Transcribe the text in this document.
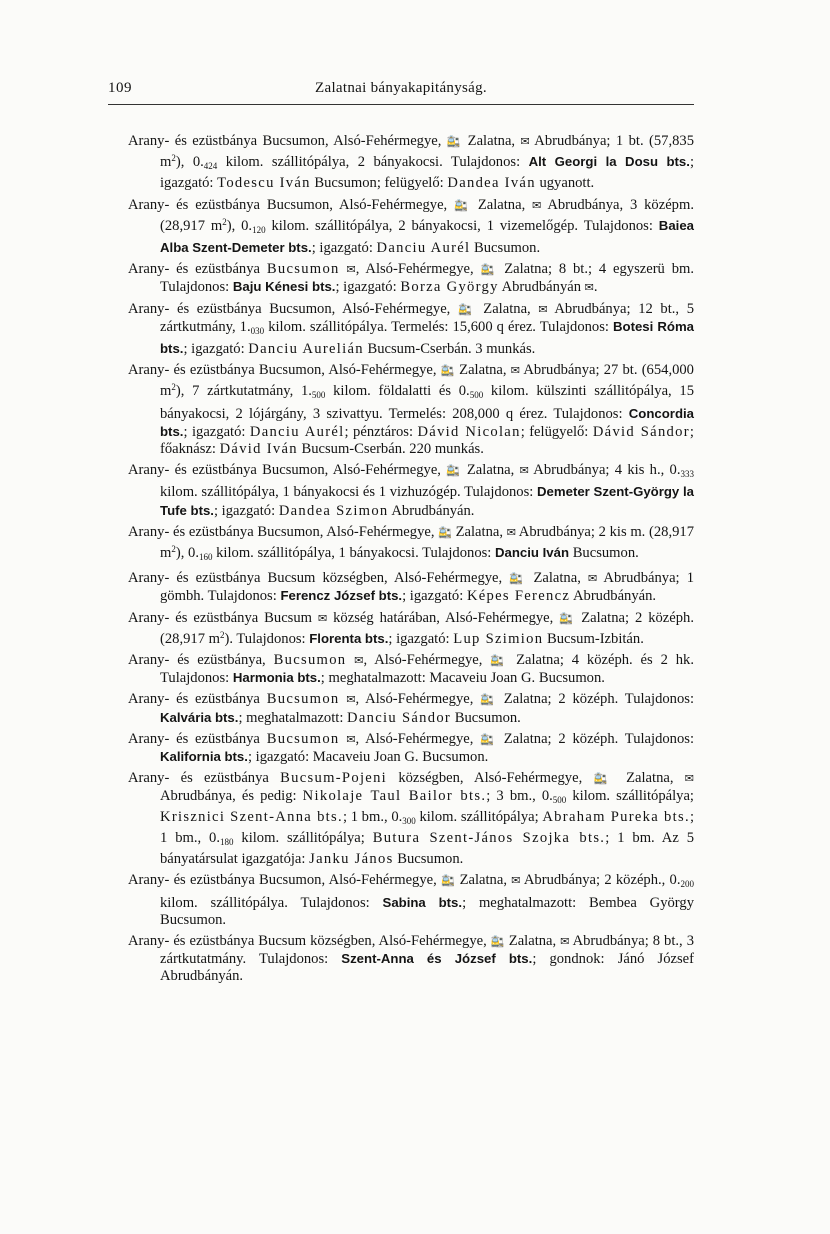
109	Zalatnai bányakapitányság.

Arany- és ezüstbánya Bucsumon, Alsó-Fehérmegye, 🚉 Zalatna, ✉ Abrudbánya; 1 bt. (57,835 $m^2$), $0._{424}$ kilom. szállitópálya, 2 bányakocsi. Tulajdonos: Alt Georgi la Dosu bts.; igazgató: Todescu Iván Bucsumon; felügyelő: Dandea Iván ugyanott.

Arany- és ezüstbánya Bucsumon, Alsó-Fehérmegye, 🚉 Zalatna, ✉ Abrudbánya, 3 középm. (28,917 $m^2$), $0._{120}$ kilom. szállitópálya, 2 bányakocsi, 1 vizemelőgép. Tulajdonos: Baiea Alba Szent-Demeter bts.; igazgató: Danciu Aurél Bucsumon.

Arany- és ezüstbánya Bucsumon ✉, Alsó-Fehérmegye, 🚉 Zalatna; 8 bt.; 4 egyszerü bm. Tulajdonos: Baju Kénesi bts.; igazgató: Borza György Abrudbányán ✉.

Arany- és ezüstbánya Bucsumon, Alsó-Fehérmegye, 🚉 Zalatna, ✉ Abrudbánya; 12 bt., 5 zártkutmány, $1._{030}$ kilom. szállitópálya. Termelés: 15,600 q érez. Tulajdonos: Botesi Róma bts.; igazgató: Danciu Aurelián Bucsum-Cserbán. 3 munkás.

Arany- és ezüstbánya Bucsumon, Alsó-Fehérmegye, 🚉 Zalatna, ✉ Abrudbánya; 27 bt. (654,000 $m^2$), 7 zártkutatmány, $1._{500}$ kilom. földalatti és $0._{500}$ kilom. külszinti szállitópálya, 15 bányakocsi, 2 lójárgány, 3 szivattyu. Termelés: 208,000 q érez. Tulajdonos: Concordia bts.; igazgató: Danciu Aurél; pénztáros: Dávid Nicolan; felügyelő: Dávid Sándor; főaknász: Dávid Iván Bucsum-Cserbán. 220 munkás.

Arany- és ezüstbánya Bucsumon, Alsó-Fehérmegye, 🚉 Zalatna, ✉ Abrudbánya; 4 kis h., $0._{333}$ kilom. szállitópálya, 1 bányakocsi és 1 vizhuzógép. Tulajdonos: Demeter Szent-György la Tufe bts.; igazgató: Dandea Szimon Abrudbányán.

Arany- és ezüstbánya Bucsumon, Alsó-Fehérmegye, 🚉 Zalatna, ✉ Abrudbánya; 2 kis m. (28,917 $m^2$), $0._{160}$ kilom. szállitópálya, 1 bányakocsi. Tulajdonos: Danciu Iván Bucsumon.

Arany- és ezüstbánya Bucsum községben, Alsó-Fehérmegye, 🚉 Zalatna, ✉ Abrudbánya; 1 gömbh. Tulajdonos: Ferencz József bts.; igazgató: Képes Ferencz Abrudbányán.

Arany- és ezüstbánya Bucsum ✉ község határában, Alsó-Fehérmegye, 🚉 Zalatna; 2 középh. (28,917 $m^2$). Tulajdonos: Florenta bts.; igazgató: Lup Szimion Bucsum-Izbitán.

Arany- és ezüstbánya, Bucsumon ✉, Alsó-Fehérmegye, 🚉 Zalatna; 4 középh. és 2 hk. Tulajdonos: Harmonia bts.; meghatalmazott: Macaveiu Joan G. Bucsumon.

Arany- és ezüstbánya Bucsumon ✉, Alsó-Fehérmegye, 🚉 Zalatna; 2 középh. Tulajdonos: Kalvária bts.; meghatalmazott: Danciu Sándor Bucsumon.

Arany- és ezüstbánya Bucsumon ✉, Alsó-Fehérmegye, 🚉 Zalatna; 2 középh. Tulajdonos: Kalifornia bts.; igazgató: Macaveiu Joan G. Bucsumon.

Arany- és ezüstbánya Bucsum-Pojeni községben, Alsó-Fehérmegye, 🚉 Zalatna, ✉ Abrudbánya, és pedig: Nikolaje Taul Bailor bts.; 3 bm., $0._{500}$ kilom. szállitópálya; Krisznici Szent-Anna bts.; 1 bm., $0._{300}$ kilom. szállitópálya; Abraham Pureka bts.; 1 bm., $0._{180}$ kilom. szállitópálya; Butura Szent-János Szojka bts.; 1 bm. Az 5 bányatársulat igazgatója: Janku János Bucsumon.

Arany- és ezüstbánya Bucsumon, Alsó-Fehérmegye, 🚉 Zalatna, ✉ Abrudbánya; 2 középh., $0._{200}$ kilom. szállitópálya. Tulajdonos: Sabina bts.; meghatalmazott: Bembea György Bucsumon.

Arany- és ezüstbánya Bucsum községben, Alsó-Fehérmegye, 🚉 Zalatna, ✉ Abrudbánya; 8 bt., 3 zártkutatmány. Tulajdonos: Szent-Anna és József bts.; gondnok: Jánó József Abrudbányán.
